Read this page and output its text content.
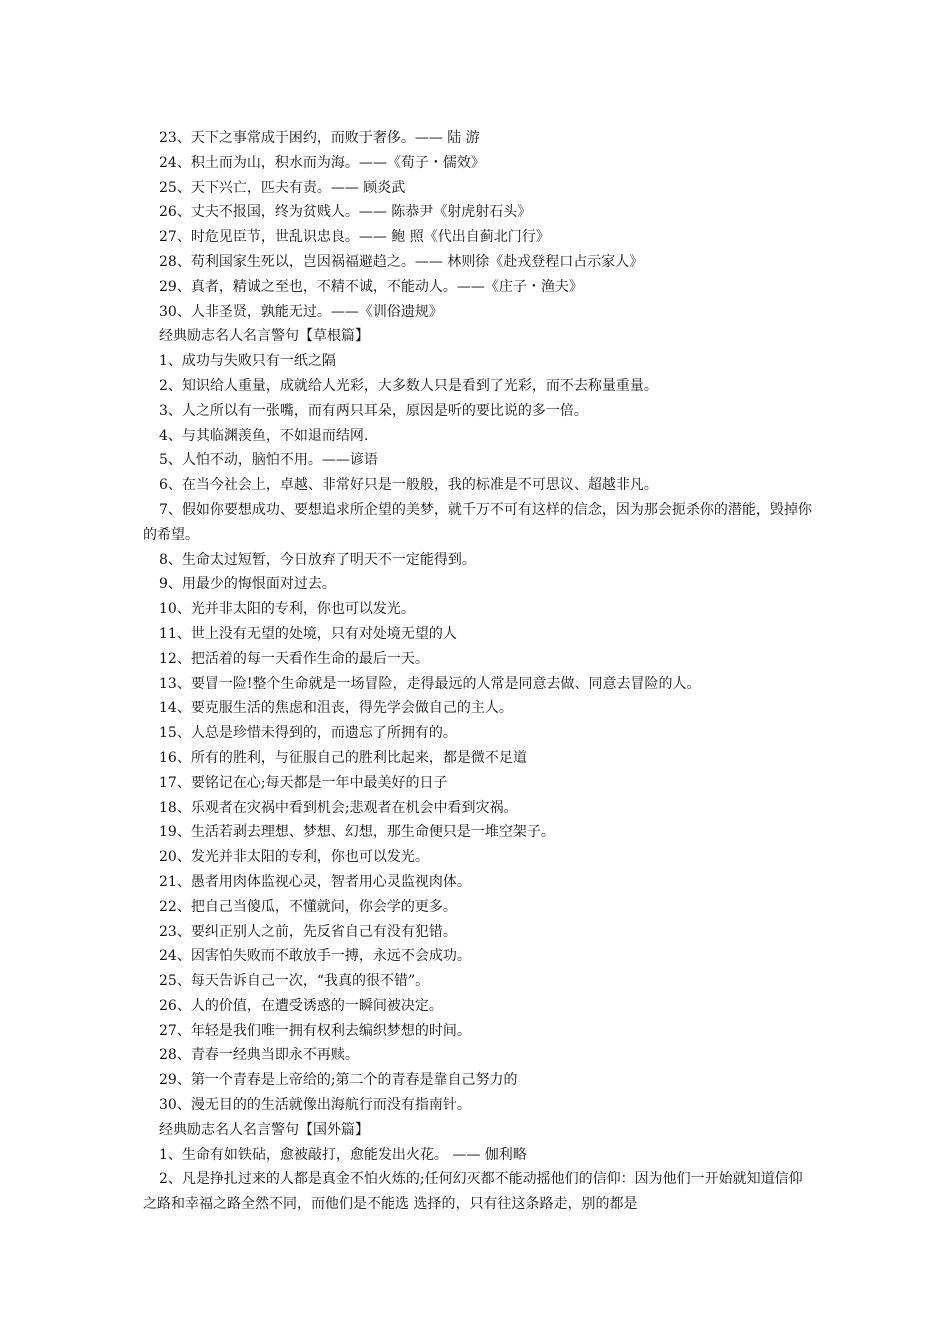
23、天下之事常成于困约，而败于奢侈。—— 陆 游

24、积土而为山，积水而为海。——《荀子・儒效》

25、天下兴亡，匹夫有责。—— 顾炎武

26、丈夫不报国，终为贫贱人。—— 陈恭尹《射虎射石头》

27、时危见臣节，世乱识忠良。—— 鲍 照《代出自蓟北门行》

28、苟利国家生死以，岂因祸福避趋之。—— 林则徐《赴戎登程口占示家人》

29、真者，精诚之至也，不精不诚，不能动人。——《庄子・渔夫》

30、人非圣贤，孰能无过。——《训俗遗规》

经典励志名人名言警句【草根篇】

1、成功与失败只有一纸之隔

2、知识给人重量，成就给人光彩，大多数人只是看到了光彩，而不去称量重量。

3、人之所以有一张嘴，而有两只耳朵，原因是听的要比说的多一倍。

4、与其临渊羡鱼，不如退而结网.

5、人怕不动，脑怕不用。——谚语

6、在当今社会上，卓越、非常好只是一般般，我的标准是不可思议、超越非凡。

7、假如你要想成功、要想追求所企望的美梦，就千万不可有这样的信念，因为那会扼杀你的潜能，毁掉你的希望。

8、生命太过短暂，今日放弃了明天不一定能得到。

9、用最少的悔恨面对过去。

10、光并非太阳的专利，你也可以发光。

11、世上没有无望的处境，只有对处境无望的人

12、把活着的每一天看作生命的最后一天。

13、要冒一险!整个生命就是一场冒险，走得最远的人常是同意去做、同意去冒险的人。

14、要克服生活的焦虑和沮丧，得先学会做自己的主人。

15、人总是珍惜未得到的，而遗忘了所拥有的。

16、所有的胜利，与征服自己的胜利比起来，都是微不足道

17、要铭记在心;每天都是一年中最美好的日子

18、乐观者在灾祸中看到机会;悲观者在机会中看到灾祸。

19、生活若剥去理想、梦想、幻想，那生命便只是一堆空架子。

20、发光并非太阳的专利，你也可以发光。

21、愚者用肉体监视心灵，智者用心灵监视肉体。

22、把自己当傻瓜，不懂就问，你会学的更多。

23、要纠正别人之前，先反省自己有没有犯错。

24、因害怕失败而不敢放手一搏，永远不会成功。

25、每天告诉自己一次，“我真的很不错”。

26、人的价值，在遭受诱惑的一瞬间被决定。

27、年轻是我们唯一拥有权利去编织梦想的时间。

28、青春一经典当即永不再赎。

29、第一个青春是上帝给的;第二个的青春是靠自己努力的

30、漫无目的的生活就像出海航行而没有指南针。

经典励志名人名言警句【国外篇】

1、生命有如铁砧，愈被敲打，愈能发出火花。 —— 伽利略

2、凡是挣扎过来的人都是真金不怕火炼的;任何幻灭都不能动摇他们的信仰：因为他们一开始就知道信仰之路和幸福之路全然不同，而他们是不能选 选择的，只有往这条路走，别的都是
